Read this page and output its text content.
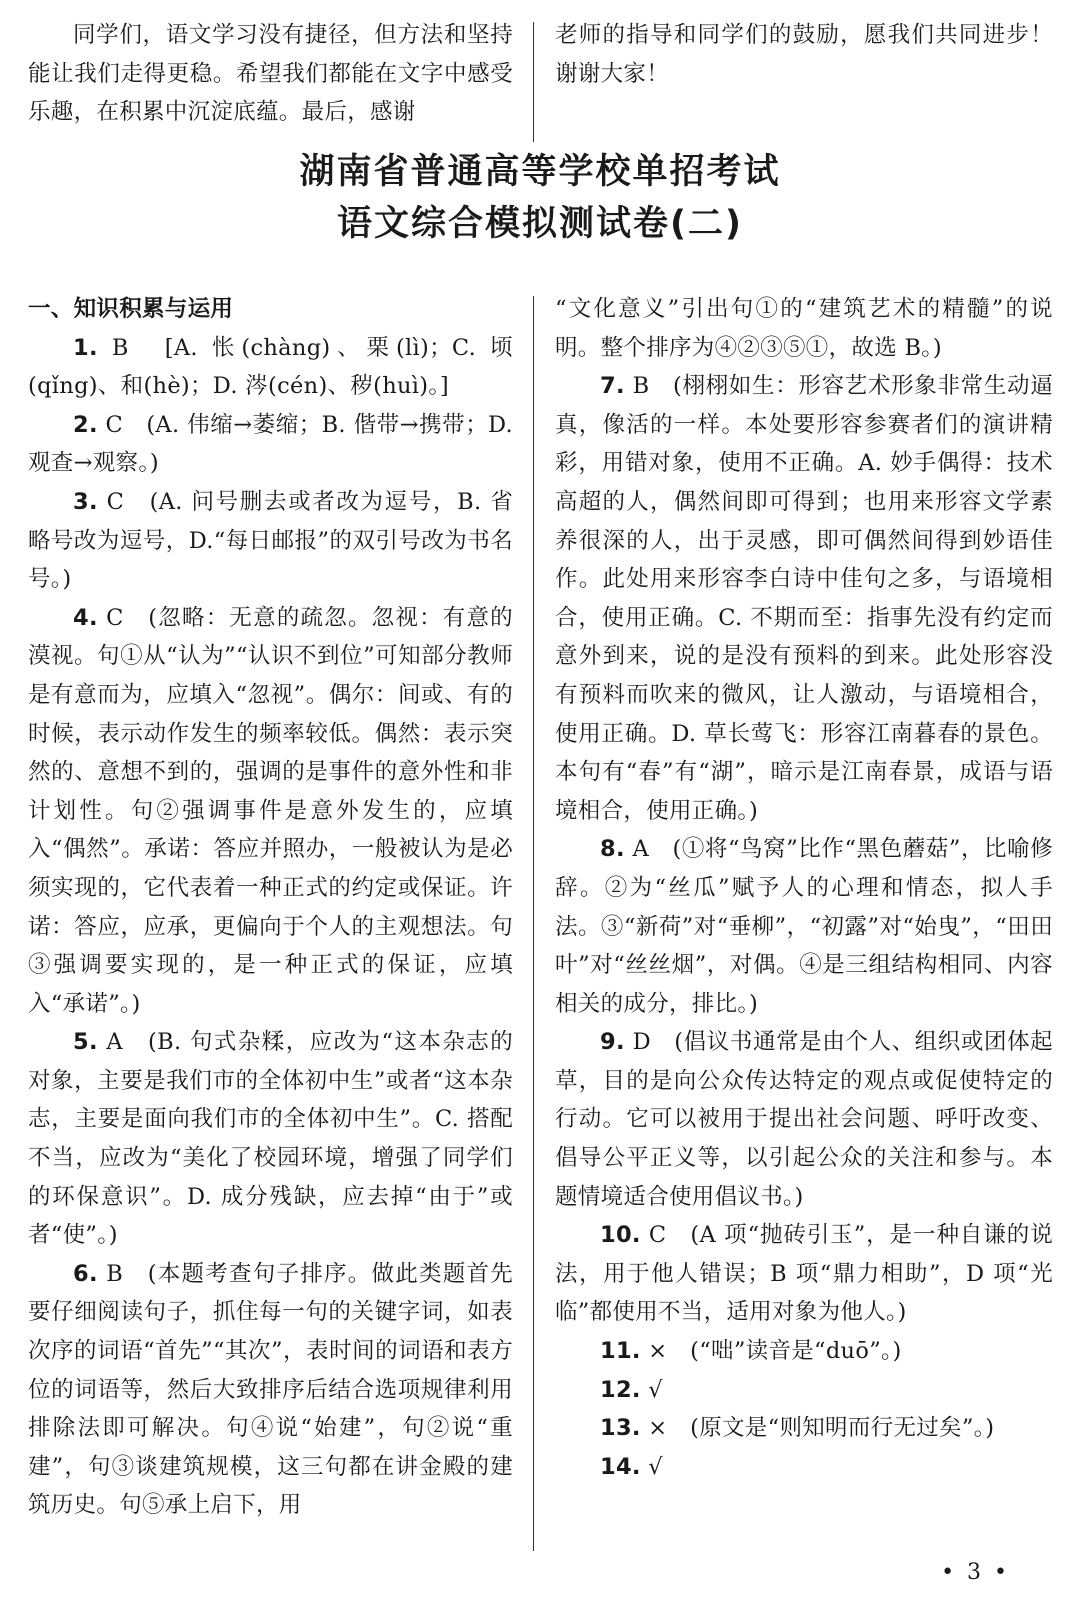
同学们，语文学习没有捷径，但方法和坚持能让我们走得更稳。希望我们都能在文字中感受乐趣，在积累中沉淀底蕴。最后，感谢

老师的指导和同学们的鼓励，愿我们共同进步！谢谢大家！

湖南省普通高等学校单招考试
语文综合模拟测试卷(二)

一、知识积累与运用

1. B　[A. 怅(chàng)、栗(lì)；C. 顷(qǐng)、和(hè)；D. 涔(cén)、秽(huì)。]

2. C　(A. 伟缩→萎缩；B. 偕带→携带；D. 观查→观察。)

3. C　(A. 问号删去或者改为逗号，B. 省略号改为逗号，D.“每日邮报”的双引号改为书名号。)

4. C　(忽略：无意的疏忽。忽视：有意的漠视。句①从“认为”“认识不到位”可知部分教师是有意而为，应填入“忽视”。偶尔：间或、有的时候，表示动作发生的频率较低。偶然：表示突然的、意想不到的，强调的是事件的意外性和非计划性。句②强调事件是意外发生的，应填入“偶然”。承诺：答应并照办，一般被认为是必须实现的，它代表着一种正式的约定或保证。许诺：答应，应承，更偏向于个人的主观想法。句③强调要实现的，是一种正式的保证，应填入“承诺”。)

5. A　(B. 句式杂糅，应改为“这本杂志的对象，主要是我们市的全体初中生”或者“这本杂志，主要是面向我们市的全体初中生”。C. 搭配不当，应改为“美化了校园环境，增强了同学们的环保意识”。D. 成分残缺，应去掉“由于”或者“使”。)

6. B　(本题考查句子排序。做此类题首先要仔细阅读句子，抓住每一句的关键字词，如表次序的词语“首先”“其次”，表时间的词语和表方位的词语等，然后大致排序后结合选项规律利用排除法即可解决。句④说“始建”，句②说“重建”，句③谈建筑规模，这三句都在讲金殿的建筑历史。句⑤承上启下，用

“文化意义”引出句①的“建筑艺术的精髓”的说明。整个排序为④②③⑤①，故选 B。)

7. B　(栩栩如生：形容艺术形象非常生动逼真，像活的一样。本处要形容参赛者们的演讲精彩，用错对象，使用不正确。A. 妙手偶得：技术高超的人，偶然间即可得到；也用来形容文学素养很深的人，出于灵感，即可偶然间得到妙语佳作。此处用来形容李白诗中佳句之多，与语境相合，使用正确。C. 不期而至：指事先没有约定而意外到来，说的是没有预料的到来。此处形容没有预料而吹来的微风，让人激动，与语境相合，使用正确。D. 草长莺飞：形容江南暮春的景色。本句有“春”有“湖”，暗示是江南春景，成语与语境相合，使用正确。)

8. A　(①将“鸟窝”比作“黑色蘑菇”，比喻修辞。②为“丝瓜”赋予人的心理和情态，拟人手法。③“新荷”对“垂柳”，“初露”对“始曳”，“田田叶”对“丝丝烟”，对偶。④是三组结构相同、内容相关的成分，排比。)

9. D　(倡议书通常是由个人、组织或团体起草，目的是向公众传达特定的观点或促使特定的行动。它可以被用于提出社会问题、呼吁改变、倡导公平正义等，以引起公众的关注和参与。本题情境适合使用倡议书。)

10. C　(A 项“抛砖引玉”，是一种自谦的说法，用于他人错误；B 项“鼎力相助”，D 项“光临”都使用不当，适用对象为他人。)

11. ×　(“咄”读音是“duō”。)

12. √

13. ×　(原文是“则知明而行无过矣”。)

14. √

• 3 •
